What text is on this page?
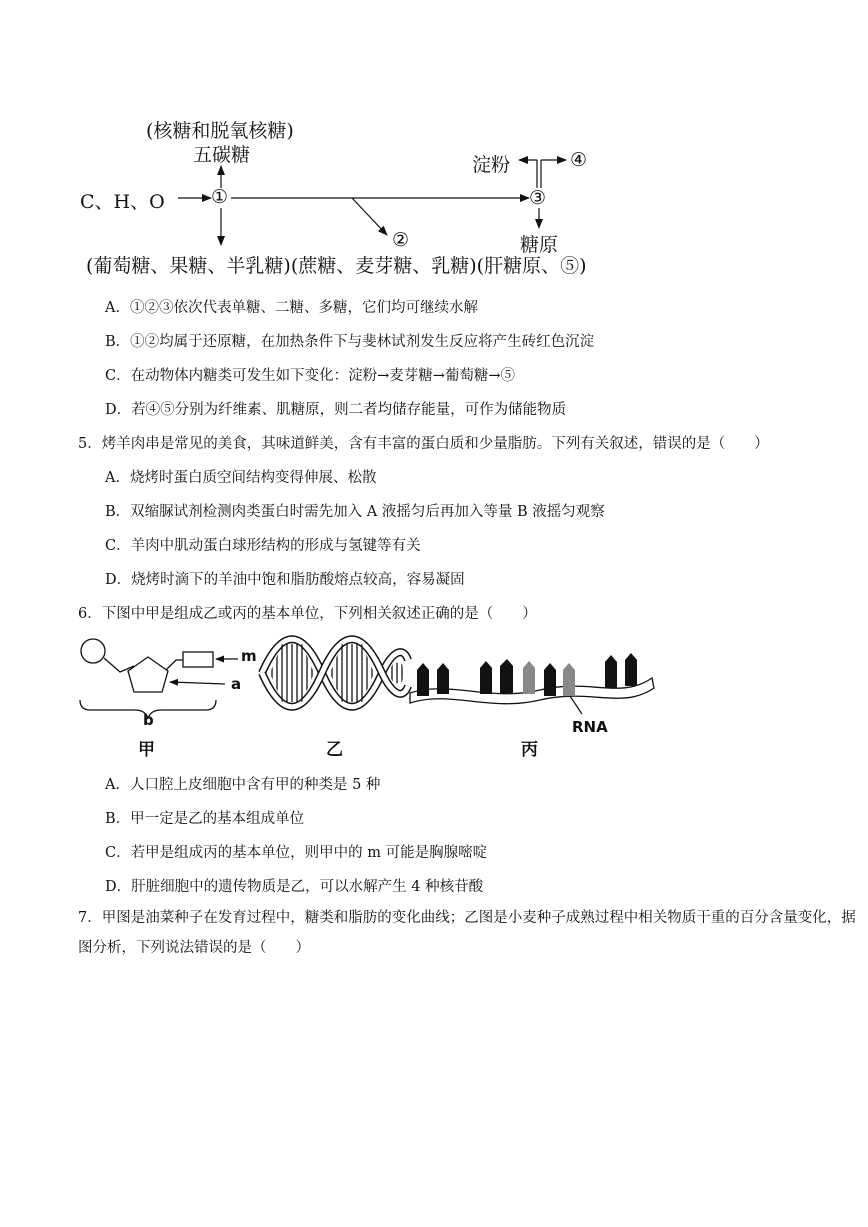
(核糖和脱氧核糖)
五碳糖
C、H、O ①
②
③
④
淀粉
糖原
(葡萄糖、果糖、半乳糖)(蔗糖、麦芽糖、乳糖)(肝糖原、⑤)
A．①②③依次代表单糖、二糖、多糖，它们均可继续水解
B．①②均属于还原糖，在加热条件下与斐林试剂发生反应将产生砖红色沉淀
C．在动物体内糖类可发生如下变化：淀粉→麦芽糖→葡萄糖→⑤
D．若④⑤分别为纤维素、肌糖原，则二者均储存能量，可作为储能物质
5．烤羊肉串是常见的美食，其味道鲜美，含有丰富的蛋白质和少量脂肪。下列有关叙述，错误的是（　　）
A．烧烤时蛋白质空间结构变得伸展、松散
B．双缩脲试剂检测肉类蛋白时需先加入 A 液摇匀后再加入等量 B 液摇匀观察
C．羊肉中肌动蛋白球形结构的形成与氢键等有关
D．烧烤时滴下的羊油中饱和脂肪酸熔点较高，容易凝固
6．下图中甲是组成乙或丙的基本单位，下列相关叙述正确的是（　　）
m
a
b
甲	乙	丙
RNA
A．人口腔上皮细胞中含有甲的种类是 5 种
B．甲一定是乙的基本组成单位
C．若甲是组成丙的基本单位，则甲中的 m 可能是胸腺嘧啶
D．肝脏细胞中的遗传物质是乙，可以水解产生 4 种核苷酸
7．甲图是油菜种子在发育过程中，糖类和脂肪的变化曲线；乙图是小麦种子成熟过程中相关物质干重的百分含量变化，据图分析，下列说法错误的是（　　）
